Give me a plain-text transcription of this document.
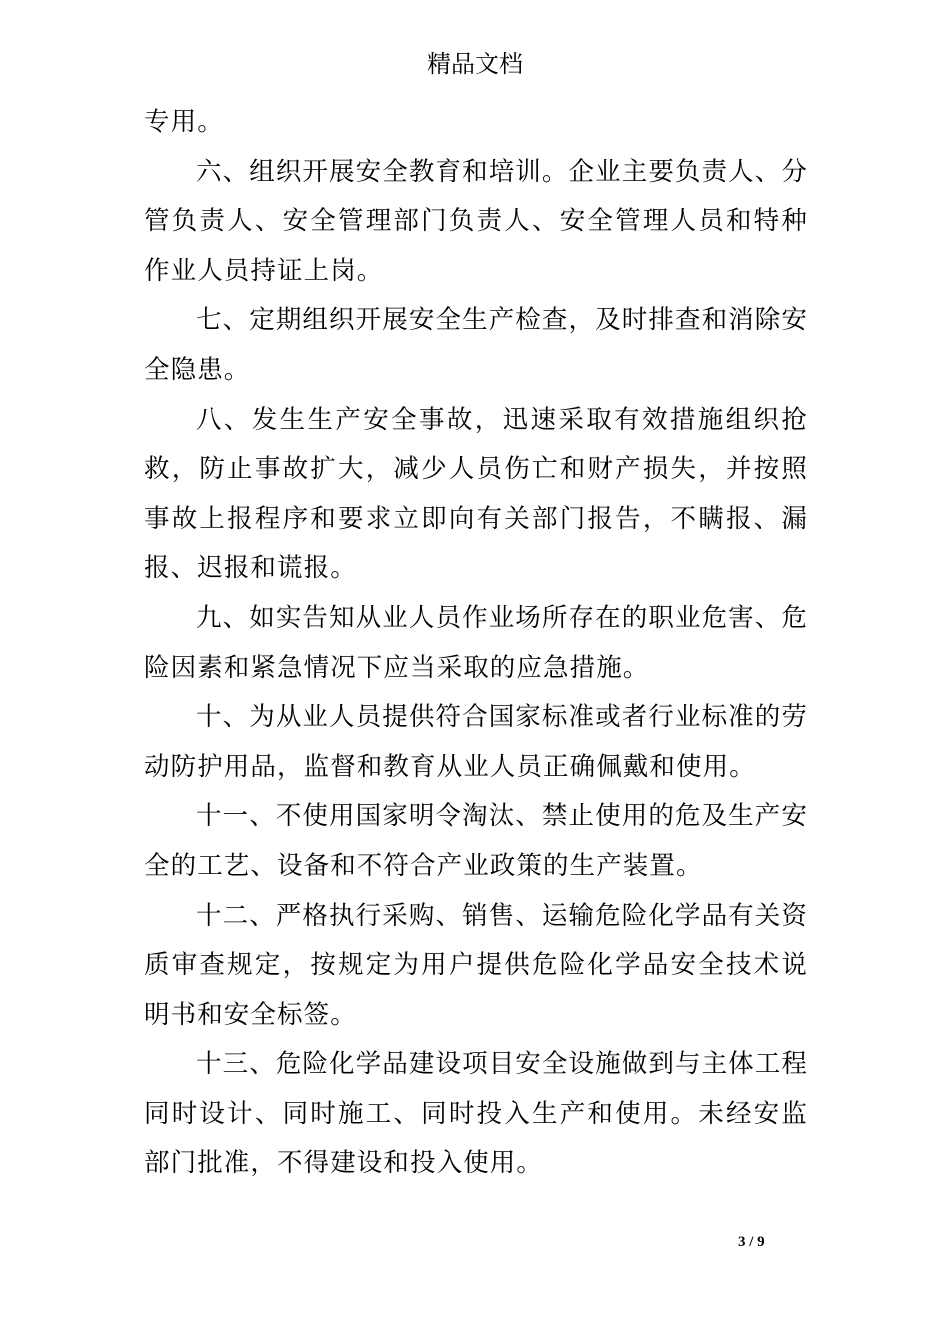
精品文档

专用。

六、组织开展安全教育和培训。企业主要负责人、分管负责人、安全管理部门负责人、安全管理人员和特种作业人员持证上岗。

七、定期组织开展安全生产检查，及时排查和消除安全隐患。

八、发生生产安全事故，迅速采取有效措施组织抢救，防止事故扩大，减少人员伤亡和财产损失，并按照事故上报程序和要求立即向有关部门报告，不瞒报、漏报、迟报和谎报。

九、如实告知从业人员作业场所存在的职业危害、危险因素和紧急情况下应当采取的应急措施。

十、为从业人员提供符合国家标准或者行业标准的劳动防护用品，监督和教育从业人员正确佩戴和使用。

十一、不使用国家明令淘汰、禁止使用的危及生产安全的工艺、设备和不符合产业政策的生产装置。

十二、严格执行采购、销售、运输危险化学品有关资质审查规定，按规定为用户提供危险化学品安全技术说明书和安全标签。

十三、危险化学品建设项目安全设施做到与主体工程同时设计、同时施工、同时投入生产和使用。未经安监部门批准，不得建设和投入使用。

3 / 9
